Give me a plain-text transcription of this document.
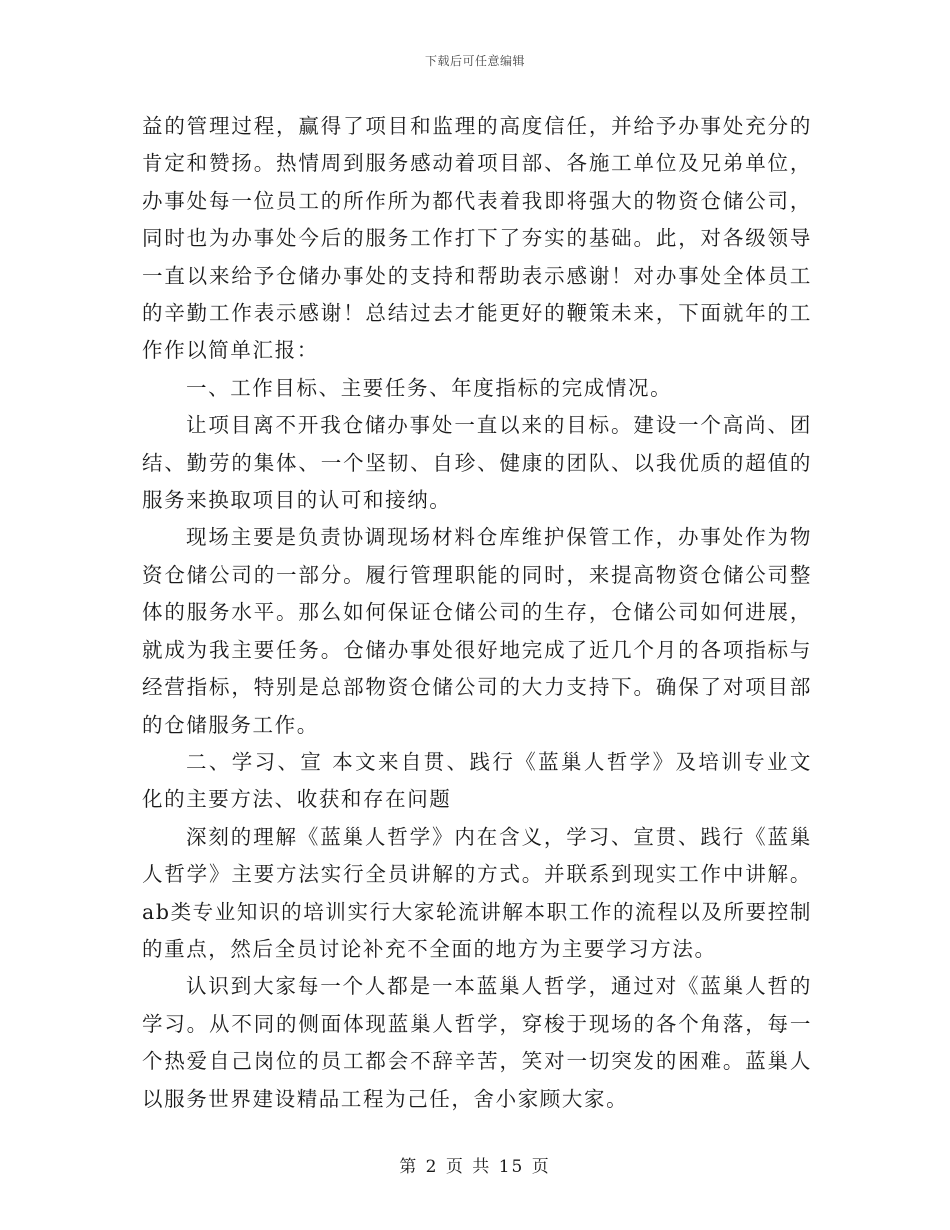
下载后可任意编辑

益的管理过程，赢得了项目和监理的高度信任，并给予办事处充分的肯定和赞扬。热情周到服务感动着项目部、各施工单位及兄弟单位，办事处每一位员工的所作所为都代表着我即将强大的物资仓储公司，同时也为办事处今后的服务工作打下了夯实的基础。此，对各级领导一直以来给予仓储办事处的支持和帮助表示感谢！对办事处全体员工的辛勤工作表示感谢！总结过去才能更好的鞭策未来，下面就年的工作作以简单汇报：

一、工作目标、主要任务、年度指标的完成情况。

让项目离不开我仓储办事处一直以来的目标。建设一个高尚、团结、勤劳的集体、一个坚韧、自珍、健康的团队、以我优质的超值的服务来换取项目的认可和接纳。

现场主要是负责协调现场材料仓库维护保管工作，办事处作为物资仓储公司的一部分。履行管理职能的同时，来提高物资仓储公司整体的服务水平。那么如何保证仓储公司的生存，仓储公司如何进展，就成为我主要任务。仓储办事处很好地完成了近几个月的各项指标与经营指标，特别是总部物资仓储公司的大力支持下。确保了对项目部的仓储服务工作。

二、学习、宣 本文来自贯、践行《蓝巢人哲学》及培训专业文化的主要方法、收获和存在问题

深刻的理解《蓝巢人哲学》内在含义，学习、宣贯、践行《蓝巢人哲学》主要方法实行全员讲解的方式。并联系到现实工作中讲解。ab类专业知识的培训实行大家轮流讲解本职工作的流程以及所要控制的重点，然后全员讨论补充不全面的地方为主要学习方法。

认识到大家每一个人都是一本蓝巢人哲学，通过对《蓝巢人哲的学习。从不同的侧面体现蓝巢人哲学，穿梭于现场的各个角落，每一个热爱自己岗位的员工都会不辞辛苦，笑对一切突发的困难。蓝巢人以服务世界建设精品工程为己任，舍小家顾大家。

第 2 页 共 15 页
